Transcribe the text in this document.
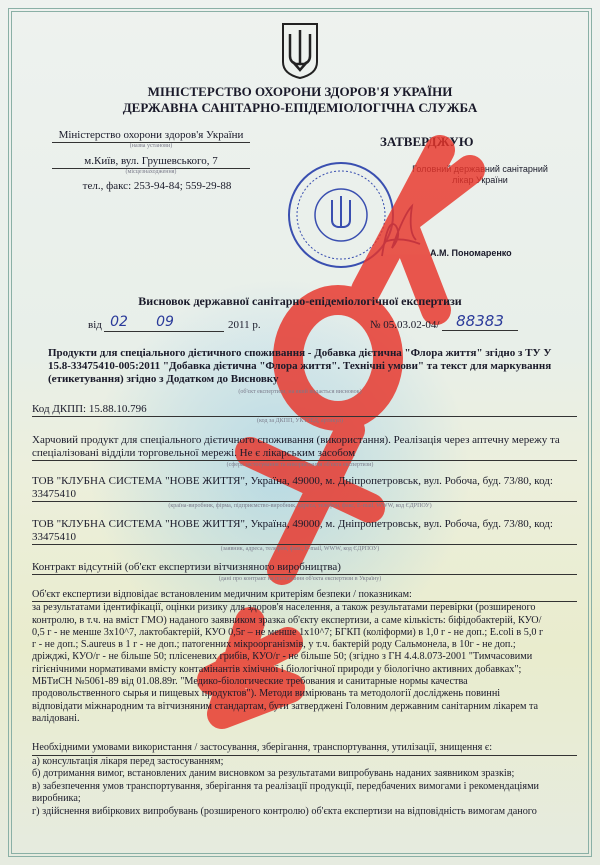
МІНІСТЕРСТВО ОХОРОНИ ЗДОРОВ'Я УКРАЇНИ
ДЕРЖАВНА САНІТАРНО-ЕПІДЕМІОЛОГІЧНА СЛУЖБА
Міністерство охорони здоров'я України
(назва установи)
м.Київ, вул. Грушевського, 7
(місцезнаходження)
тел., факс: 253-94-84; 559-29-88
ЗАТВЕРДЖУЮ
Головний державний санітарний
лікар України
А.М. Пономаренко
Висновок державної санітарно-епідеміологічної експертизи
від 02	09	2011 р.	№ 05.03.02-04/	88383
Продукти для спеціального дієтичного споживання - Добавка дієтична "Флора життя" згідно з ТУ У
15.8-33475410-005:2011 "Добавка дієтична "Флора життя". Технічні умови" та текст для маркування
(етикетування) згідно з Додатком до Висновку
(об'єкт експертизи, на який видається висновок)
Код ДКПП: 15.88.10.796
(код за ДКПП, УКТЗЕД, артикул)
Харчовий продукт для спеціального дієтичного споживання (використання). Реалізація через аптечну мережу та
спеціалізовані відділи торговельної мережі. Не є лікарським засобом
(сфера застосування та використання об'єкта експертизи)
ТОВ "КЛУБНА СИСТЕМА "НОВЕ ЖИТТЯ", Україна, 49000, м. Дніпропетровськ, вул. Робоча, буд. 73/80, код:
33475410
(країна-виробник, фірма, підприємство-виробник, адреса, телефон, факс, E-mail, WWW, код ЄДРПОУ)
ТОВ "КЛУБНА СИСТЕМА "НОВЕ ЖИТТЯ", Україна, 49000, м. Дніпропетровськ, вул. Робоча, буд. 73/80, код:
33475410
(заявник, адреса, телефон, факс, E-mail, WWW, код ЄДРПОУ)
Контракт відсутній (об'єкт експертизи вітчизняного виробництва)
(дані про контракт на постачання об'єкта експертизи в Україну)
Об'єкт експертизи відповідає встановленим медичним критеріям безпеки / показникам:
за результатами ідентифікації, оцінки ризику для здоров'я населення, а також результатами перевірки (розширеного
контролю, в т.ч. на вміст ГМО) наданого заявником зразка об'єкту експертизи, а саме кількість: біфідобактерій, КУО/
0,5 г - не менше 3x10^7, лактобактерій, КУО 0,5г – не менше 1x10^7; БГКП (коліформи) в 1,0 г - не доп.; E.coli в 5,0 г
г - не доп.; S.aureus в 1 г - не доп.; патогенних мікроорганізмів, у т.ч. бактерій роду Сальмонела, в 10г - не доп.;
дріжджі, КУО/г - не більше 50; плісеневих грибів, КУО/г - не більше 50; (згідно з ГН 4.4.8.073-2001 "Тимчасовими
гігієнічними нормативами вмісту контамінантів хімічної і біологічної природи у біологічно активних добавках";
МБТиСН №5061-89 від 01.08.89г. "Медико-біологические требования и санитарные нормы качества
продовольственного сырья и пищевых продуктов"). Методи вимірювань та методології досліджень повинні
відповідати міжнародним та вітчизняним стандартам, бути затверджені Головним державним санітарним лікарем та
валідовані.
Необхідними умовами використання / застосування, зберігання, транспортування, утилізації, знищення є:
а) консультація лікаря перед застосуванням;
б) дотримання вимог, встановлених даним висновком за результатами випробувань наданих заявником зразків;
в) забезпечення умов транспортування, зберігання та реалізації продукції, передбачених вимогами і рекомендаціями
виробника;
г) здійснення вибіркових випробувань (розширеного контролю) об'єкта експертизи на відповідність вимогам даного
